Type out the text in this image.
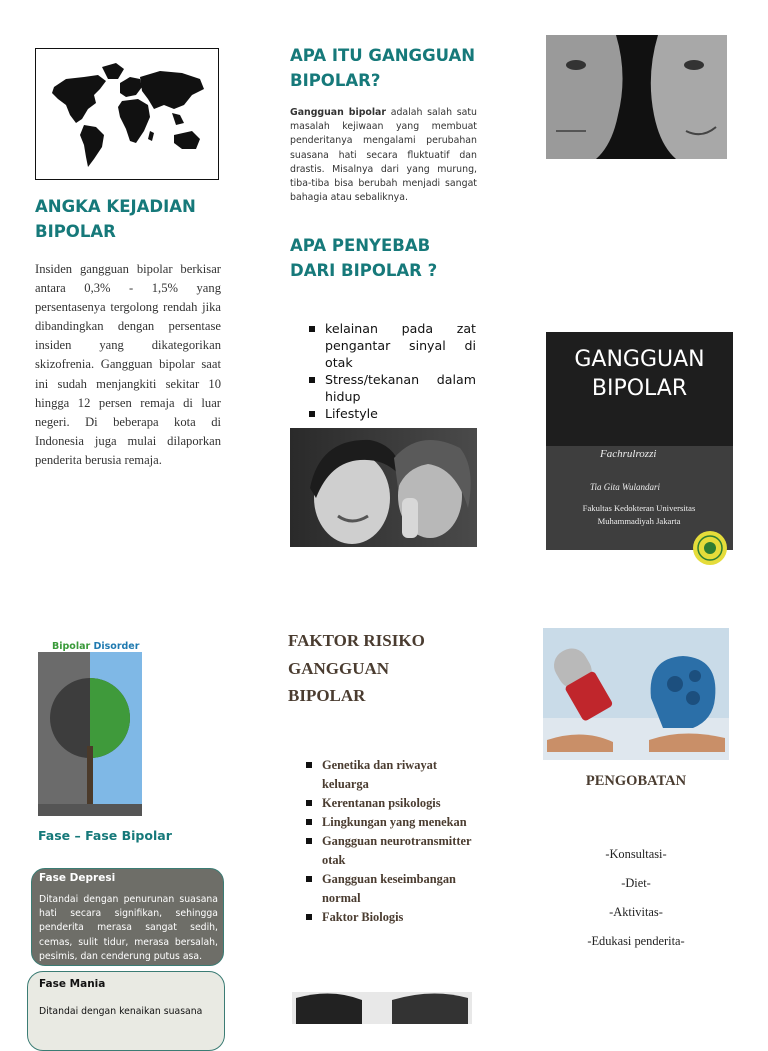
ANGKA KEJADIAN BIPOLAR
Insiden gangguan bipolar berkisar antara 0,3% - 1,5% yang persentasenya tergolong rendah jika dibandingkan dengan persentase insiden yang dikategorikan skizofrenia. Gangguan bipolar saat ini sudah menjangkiti sekitar 10 hingga 12 persen remaja di luar negeri. Di beberapa kota di Indonesia juga mulai dilaporkan penderita berusia remaja.
APA ITU GANGGUAN BIPOLAR?
Gangguan bipolar adalah salah satu masalah kejiwaan yang membuat penderitanya mengalami perubahan suasana hati secara fluktuatif dan drastis. Misalnya dari yang murung, tiba-tiba bisa berubah menjadi sangat bahagia atau sebaliknya.
APA PENYEBAB DARI BIPOLAR ?
kelainan pada zat pengantar sinyal di otak
Stress/tekanan dalam hidup
Lifestyle
GANGGUAN BIPOLAR
Fachrulrozzi
Tia Gita Wulandari
Fakultas Kedokteran Universitas Muhammadiyah Jakarta
Bipolar Disorder
Fase – Fase Bipolar
Fase Depresi
Ditandai dengan penurunan suasana hati secara signifikan, sehingga penderita merasa sangat sedih, cemas, sulit tidur, merasa bersalah, pesimis, dan cenderung putus asa.
Fase Mania
Ditandai dengan kenaikan suasana
FAKTOR RISIKO GANGGUAN BIPOLAR
Genetika dan riwayat keluarga
Kerentanan psikologis
Lingkungan yang menekan
Gangguan neurotransmitter otak
Gangguan keseimbangan normal
Faktor Biologis
PENGOBATAN
-Konsultasi-
-Diet-
-Aktivitas-
-Edukasi penderita-
